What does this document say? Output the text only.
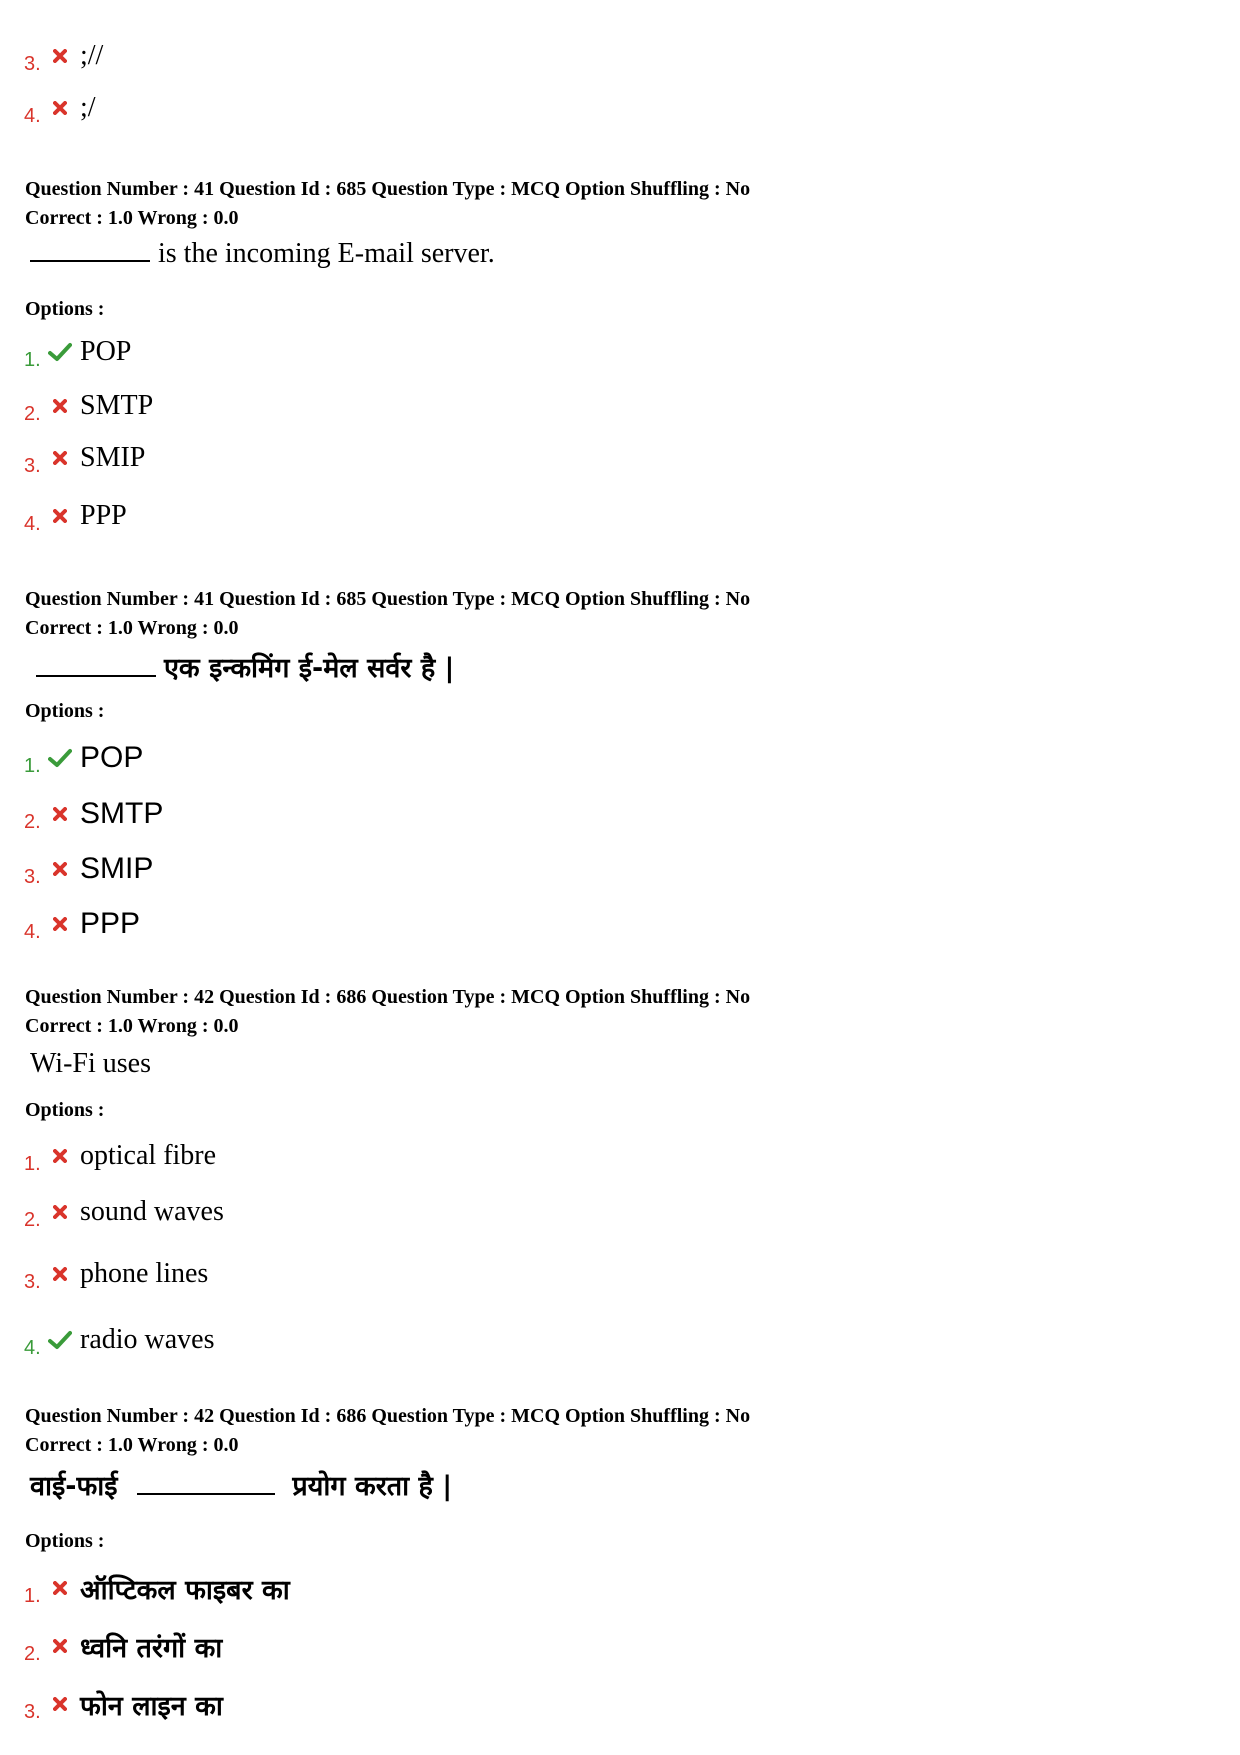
3. ;//
4. ;/
Question Number : 41 Question Id : 685 Question Type : MCQ Option Shuffling : No
Correct : 1.0 Wrong : 0.0
is the incoming E-mail server.
Options :
1. POP
2. SMTP
3. SMIP
4. PPP
Question Number : 41 Question Id : 685 Question Type : MCQ Option Shuffling : No
Correct : 1.0 Wrong : 0.0
एक इन्कमिंग ई-मेल सर्वर है |
Options :
1. POP
2. SMTP
3. SMIP
4. PPP
Question Number : 42 Question Id : 686 Question Type : MCQ Option Shuffling : No
Correct : 1.0 Wrong : 0.0
Wi-Fi uses
Options :
1. optical fibre
2. sound waves
3. phone lines
4. radio waves
Question Number : 42 Question Id : 686 Question Type : MCQ Option Shuffling : No
Correct : 1.0 Wrong : 0.0
वाई-फाई	प्रयोग करता है |
Options :
1. ऑप्टिकल फाइबर का
2. ध्वनि तरंगों का
3. फोन लाइन का
